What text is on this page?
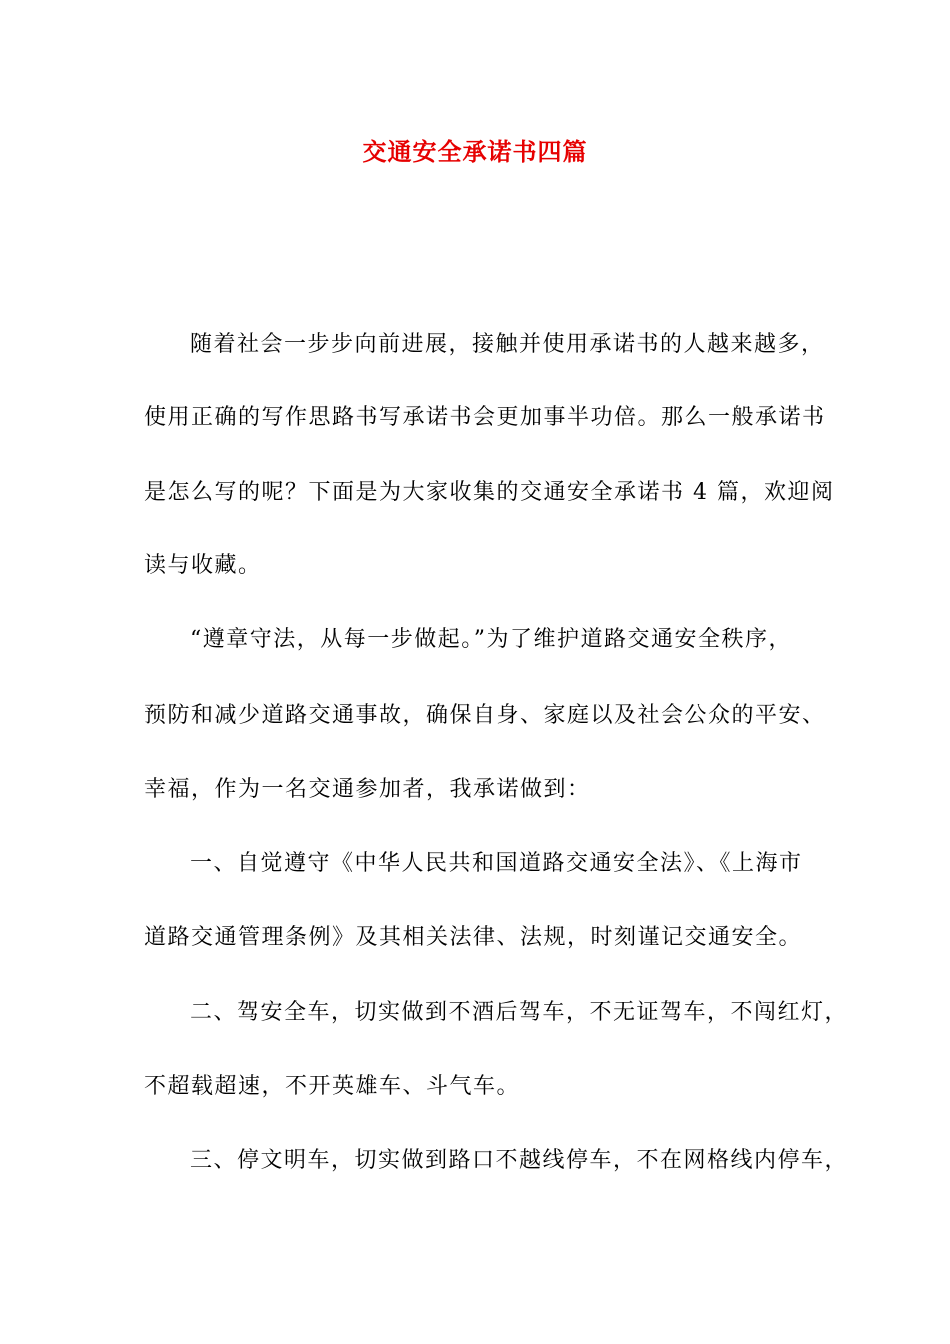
交通安全承诺书四篇
随着社会一步步向前进展，接触并使用承诺书的人越来越多，
使用正确的写作思路书写承诺书会更加事半功倍。那么一般承诺书
是怎么写的呢？下面是为大家收集的交通安全承诺书 4 篇，欢迎阅
读与收藏。
“遵章守法，从每一步做起。”为了维护道路交通安全秩序，
预防和减少道路交通事故，确保自身、家庭以及社会公众的平安、
幸福，作为一名交通参加者，我承诺做到：
一、自觉遵守《中华人民共和国道路交通安全法》、《上海市
道路交通管理条例》及其相关法律、法规，时刻谨记交通安全。
二、驾安全车，切实做到不酒后驾车，不无证驾车，不闯红灯，
不超载超速，不开英雄车、斗气车。
三、停文明车，切实做到路口不越线停车，不在网格线内停车，
